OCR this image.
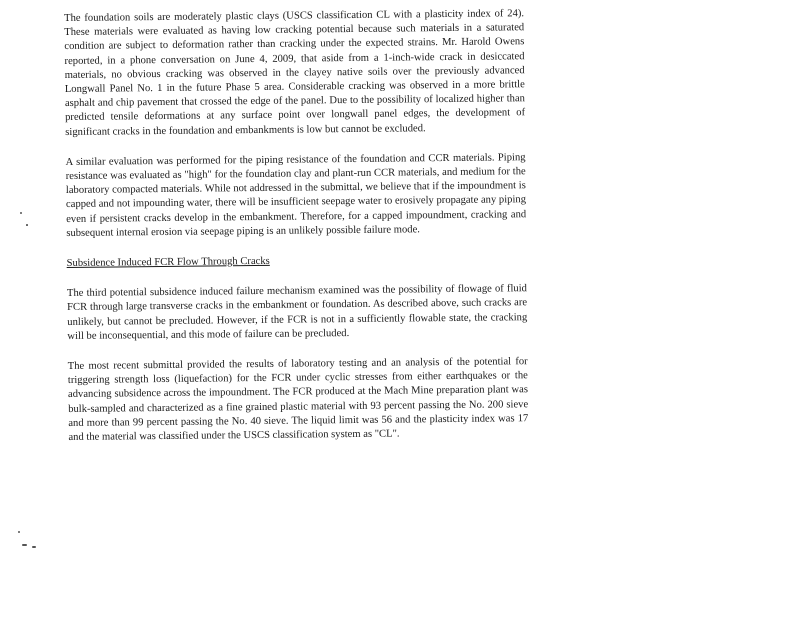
The foundation soils are moderately plastic clays (USCS classification CL with a plasticity index of 24). These materials were evaluated as having low cracking potential because such materials in a saturated condition are subject to deformation rather than cracking under the expected strains. Mr. Harold Owens reported, in a phone conversation on June 4, 2009, that aside from a 1-inch-wide crack in desiccated materials, no obvious cracking was observed in the clayey native soils over the previously advanced Longwall Panel No. 1 in the future Phase 5 area. Considerable cracking was observed in a more brittle asphalt and chip pavement that crossed the edge of the panel. Due to the possibility of localized higher than predicted tensile deformations at any surface point over longwall panel edges, the development of significant cracks in the foundation and embankments is low but cannot be excluded.

A similar evaluation was performed for the piping resistance of the foundation and CCR materials. Piping resistance was evaluated as "high" for the foundation clay and plant-run CCR materials, and medium for the laboratory compacted materials. While not addressed in the submittal, we believe that if the impoundment is capped and not impounding water, there will be insufficient seepage water to erosively propagate any piping even if persistent cracks develop in the embankment. Therefore, for a capped impoundment, cracking and subsequent internal erosion via seepage piping is an unlikely possible failure mode.

Subsidence Induced FCR Flow Through Cracks

The third potential subsidence induced failure mechanism examined was the possibility of flowage of fluid FCR through large transverse cracks in the embankment or foundation. As described above, such cracks are unlikely, but cannot be precluded. However, if the FCR is not in a sufficiently flowable state, the cracking will be inconsequential, and this mode of failure can be precluded.

The most recent submittal provided the results of laboratory testing and an analysis of the potential for triggering strength loss (liquefaction) for the FCR under cyclic stresses from either earthquakes or the advancing subsidence across the impoundment. The FCR produced at the Mach Mine preparation plant was bulk-sampled and characterized as a fine grained plastic material with 93 percent passing the No. 200 sieve and more than 99 percent passing the No. 40 sieve. The liquid limit was 56 and the plasticity index was 17 and the material was classified under the USCS classification system as "CL".
